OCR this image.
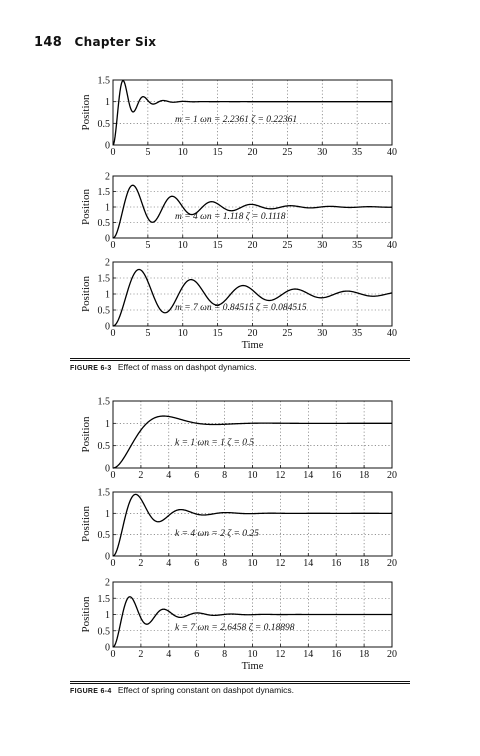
148 Chapter Six
0	5	10 15 20 25 30 35 40
0
0.5
1
1.5
m = 1 ωn = 2.2361 ζ = 0.22361
Position
0	5	10 15 20 25 30 35 40
0
0.5
1
1.5
2
m = 4 ωn = 1.118 ζ = 0.1118
Position
0	5	10 15 20 25 30 35 40
0
0.5
1
1.5
2
m = 7 ωn = 0.84515 ζ = 0.084515
Position
Time
0 2 4 6 8 10 12 14 16 18 20
0
0.5
1
1.5
k = 1 ωn = 1 ζ = 0.5
Position
0 2 4 6 8 10 12 14 16 18 20
0
0.5
1
1.5
k = 4 ωn = 2 ζ = 0.25
Position
0 2 4 6 8 10 12 14 16 18 20
0
0.5
1
1.5
2
k = 7 ωn = 2.6458 ζ = 0.18898
Position
Time
FIGURE 6-3 Effect of mass on dashpot dynamics.
FIGURE 6-4 Effect of spring constant on dashpot dynamics.
